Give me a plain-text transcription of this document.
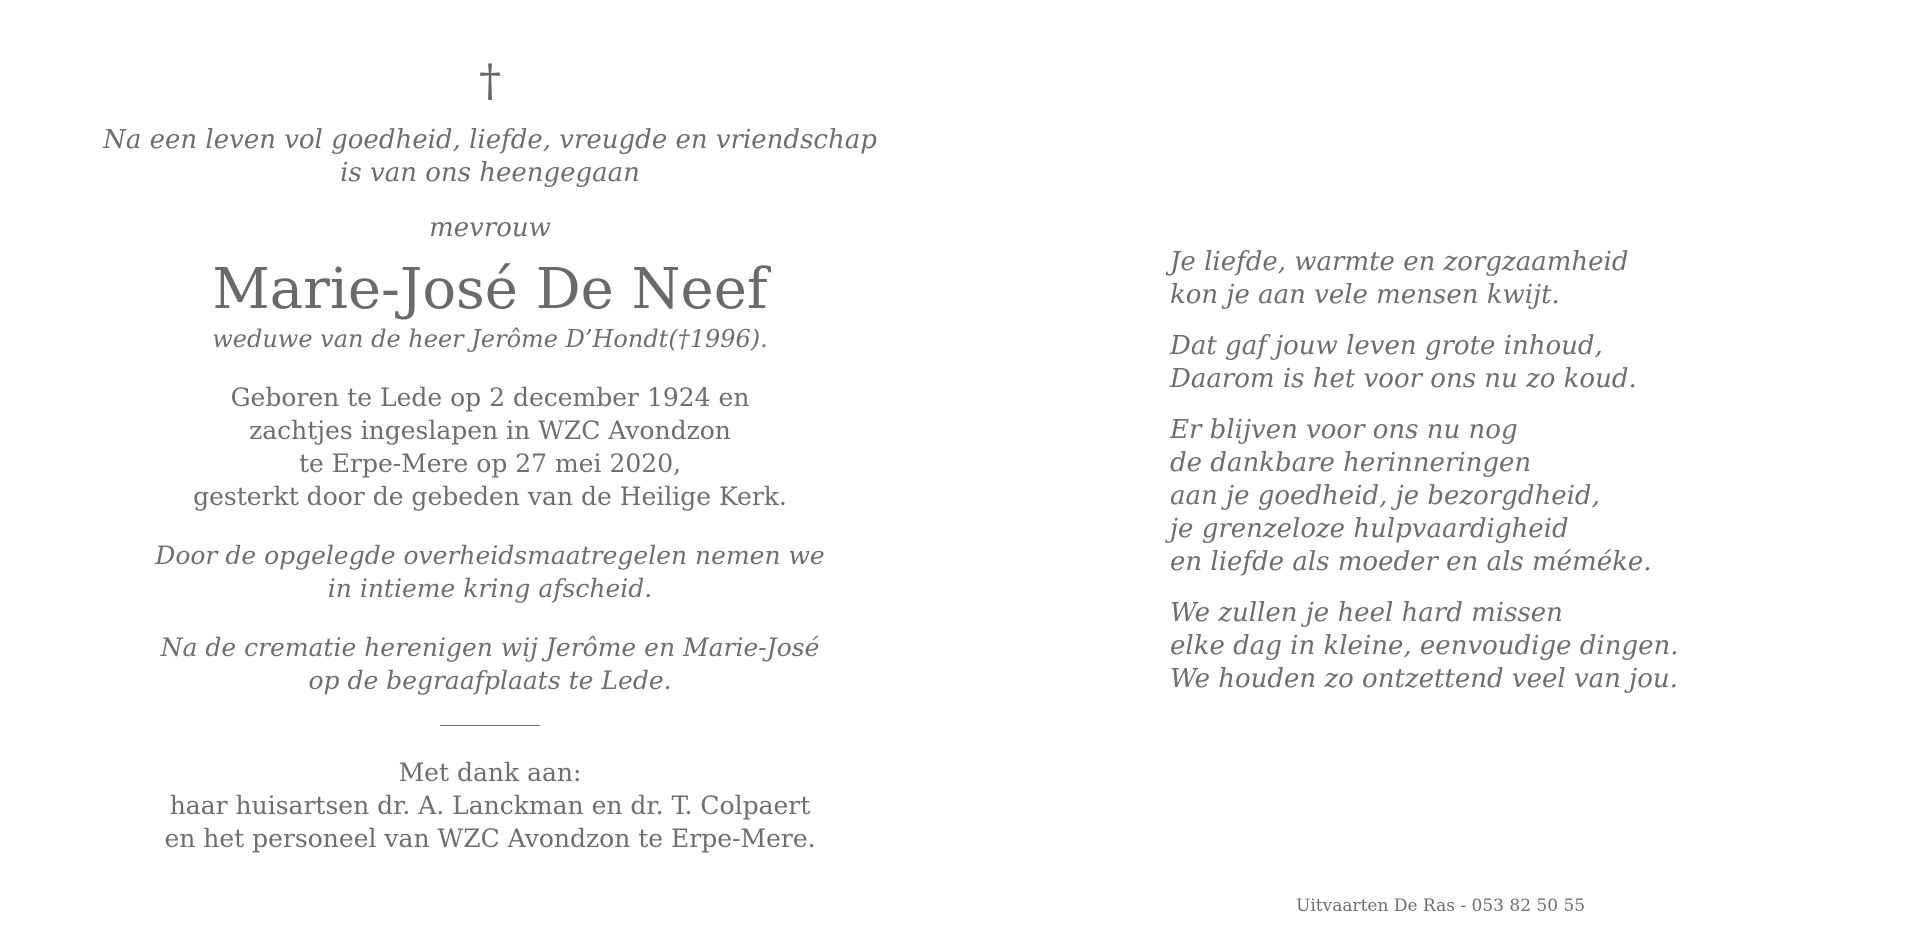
†
Na een leven vol goedheid, liefde, vreugde en vriendschap
is van ons heengegaan
mevrouw
Marie-José De Neef
weduwe van de heer Jerôme D’Hondt(†1996).
Geboren te Lede op 2 december 1924 en
zachtjes ingeslapen in WZC Avondzon
te Erpe-Mere op 27 mei 2020,
gesterkt door de gebeden van de Heilige Kerk.
Door de opgelegde overheidsmaatregelen nemen we
in intieme kring afscheid.
Na de crematie herenigen wij Jerôme en Marie-José
op de begraafplaats te Lede.
Met dank aan:
haar huisartsen dr. A. Lanckman en dr. T. Colpaert
en het personeel van WZC Avondzon te Erpe-Mere.
Je liefde, warmte en zorgzaamheid
kon je aan vele mensen kwijt.
Dat gaf jouw leven grote inhoud,
Daarom is het voor ons nu zo koud.
Er blijven voor ons nu nog
de dankbare herinneringen
aan je goedheid, je bezorgdheid,
je grenzeloze hulpvaardigheid
en liefde als moeder en als méméke.
We zullen je heel hard missen
elke dag in kleine, eenvoudige dingen.
We houden zo ontzettend veel van jou.
Uitvaarten De Ras - 053 82 50 55
